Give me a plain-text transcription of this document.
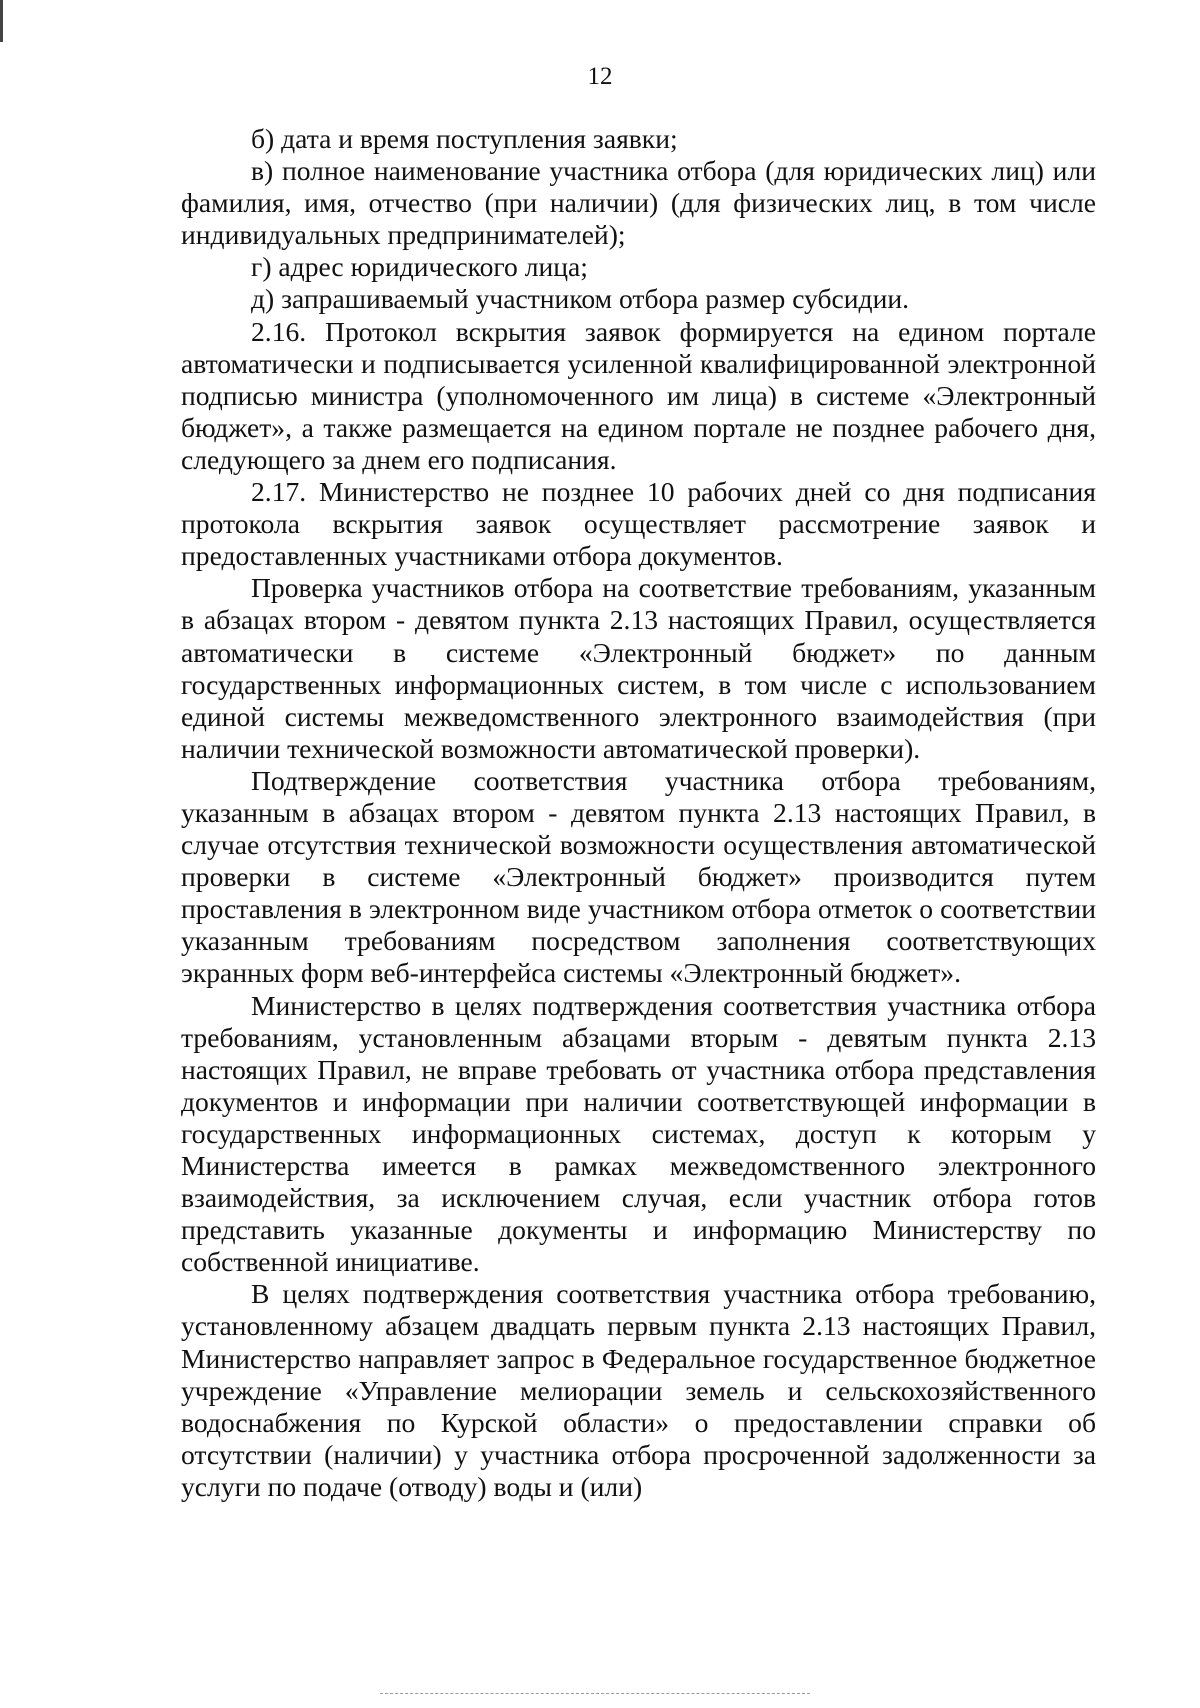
12

б) дата и время поступления заявки;

в) полное наименование участника отбора (для юридических лиц) или фамилия, имя, отчество (при наличии) (для физических лиц, в том числе индивидуальных предпринимателей);

г) адрес юридического лица;

д) запрашиваемый участником отбора размер субсидии.

2.16. Протокол вскрытия заявок формируется на едином портале автоматически и подписывается усиленной квалифицированной электронной подписью министра (уполномоченного им лица) в системе «Электронный бюджет», а также размещается на едином портале не позднее рабочего дня, следующего за днем его подписания.

2.17. Министерство не позднее 10 рабочих дней со дня подписания протокола вскрытия заявок осуществляет рассмотрение заявок и предоставленных участниками отбора документов.

Проверка участников отбора на соответствие требованиям, указанным в абзацах втором - девятом пункта 2.13 настоящих Правил, осуществляется автоматически в системе «Электронный бюджет» по данным государственных информационных систем, в том числе с использованием единой системы межведомственного электронного взаимодействия (при наличии технической возможности автоматической проверки).

Подтверждение соответствия участника отбора требованиям, указанным в абзацах втором - девятом пункта 2.13 настоящих Правил, в случае отсутствия технической возможности осуществления автоматической проверки в системе «Электронный бюджет» производится путем проставления в электронном виде участником отбора отметок о соответствии указанным требованиям посредством заполнения соответствующих экранных форм веб-интерфейса системы «Электронный бюджет».

Министерство в целях подтверждения соответствия участника отбора требованиям, установленным абзацами вторым - девятым пункта 2.13 настоящих Правил, не вправе требовать от участника отбора представления документов и информации при наличии соответствующей информации в государственных информационных системах, доступ к которым у Министерства имеется в рамках межведомственного электронного взаимодействия, за исключением случая, если участник отбора готов представить указанные документы и информацию Министерству по собственной инициативе.

В целях подтверждения соответствия участника отбора требованию, установленному абзацем двадцать первым пункта 2.13 настоящих Правил, Министерство направляет запрос в Федеральное государственное бюджетное учреждение «Управление мелиорации земель и сельскохозяйственного водоснабжения по Курской области» о предоставлении справки об отсутствии (наличии) у участника отбора просроченной задолженности за услуги по подаче (отводу) воды и (или)
